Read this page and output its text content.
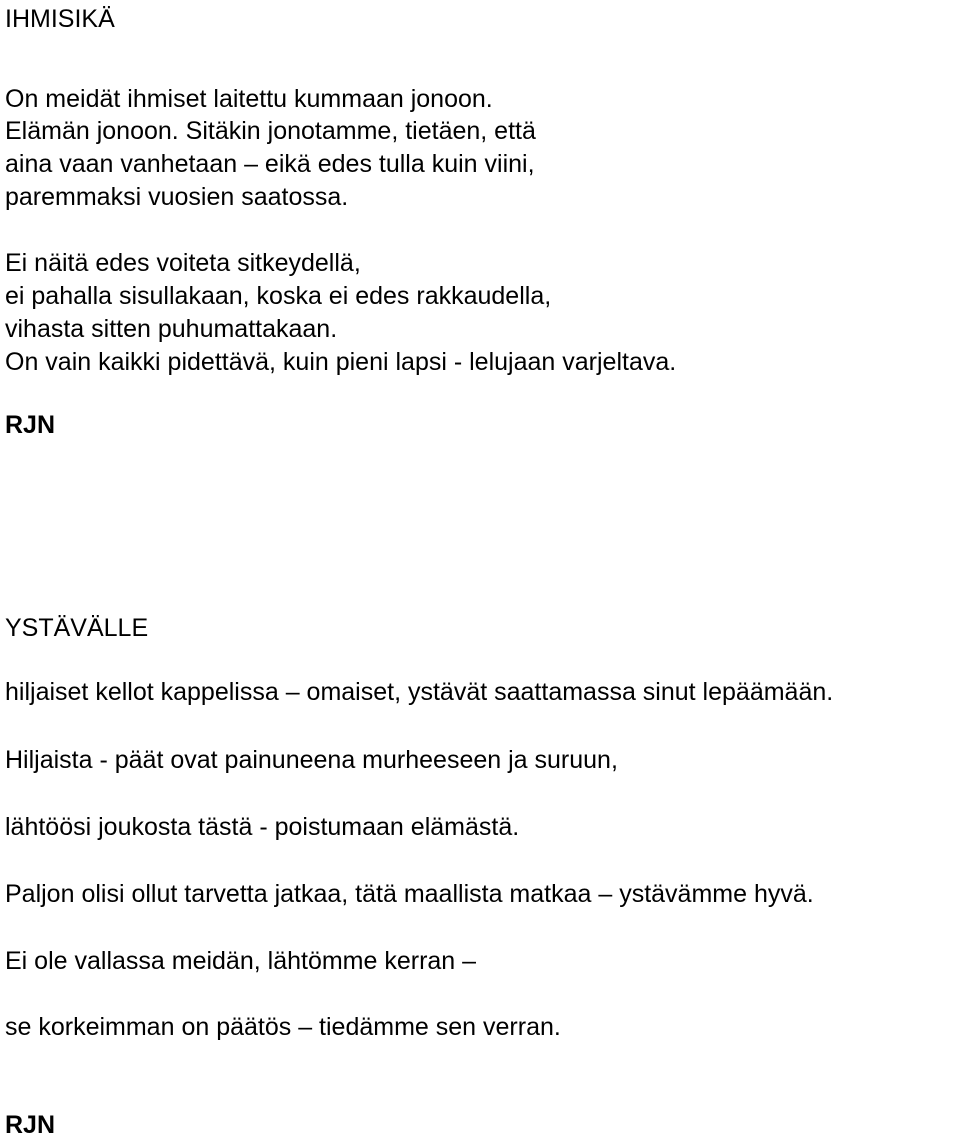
IHMISIKÄ

On meidät ihmiset laitettu kummaan jonoon.

Elämän jonoon. Sitäkin jonotamme, tietäen, että

aina vaan vanhetaan – eikä edes tulla kuin viini,

paremmaksi vuosien saatossa.

Ei näitä edes voiteta sitkeydellä,

ei pahalla sisullakaan, koska ei edes rakkaudella,

vihasta sitten puhumattakaan.

On vain kaikki pidettävä, kuin pieni lapsi - lelujaan varjeltava.

RJN

YSTÄVÄLLE

hiljaiset kellot kappelissa – omaiset, ystävät saattamassa sinut lepäämään.

Hiljaista - päät ovat painuneena murheeseen ja suruun,

lähtöösi joukosta tästä - poistumaan elämästä.

Paljon olisi ollut tarvetta jatkaa, tätä maallista matkaa – ystävämme hyvä.

Ei ole vallassa meidän, lähtömme kerran –

se korkeimman on päätös – tiedämme sen verran.

RJN
